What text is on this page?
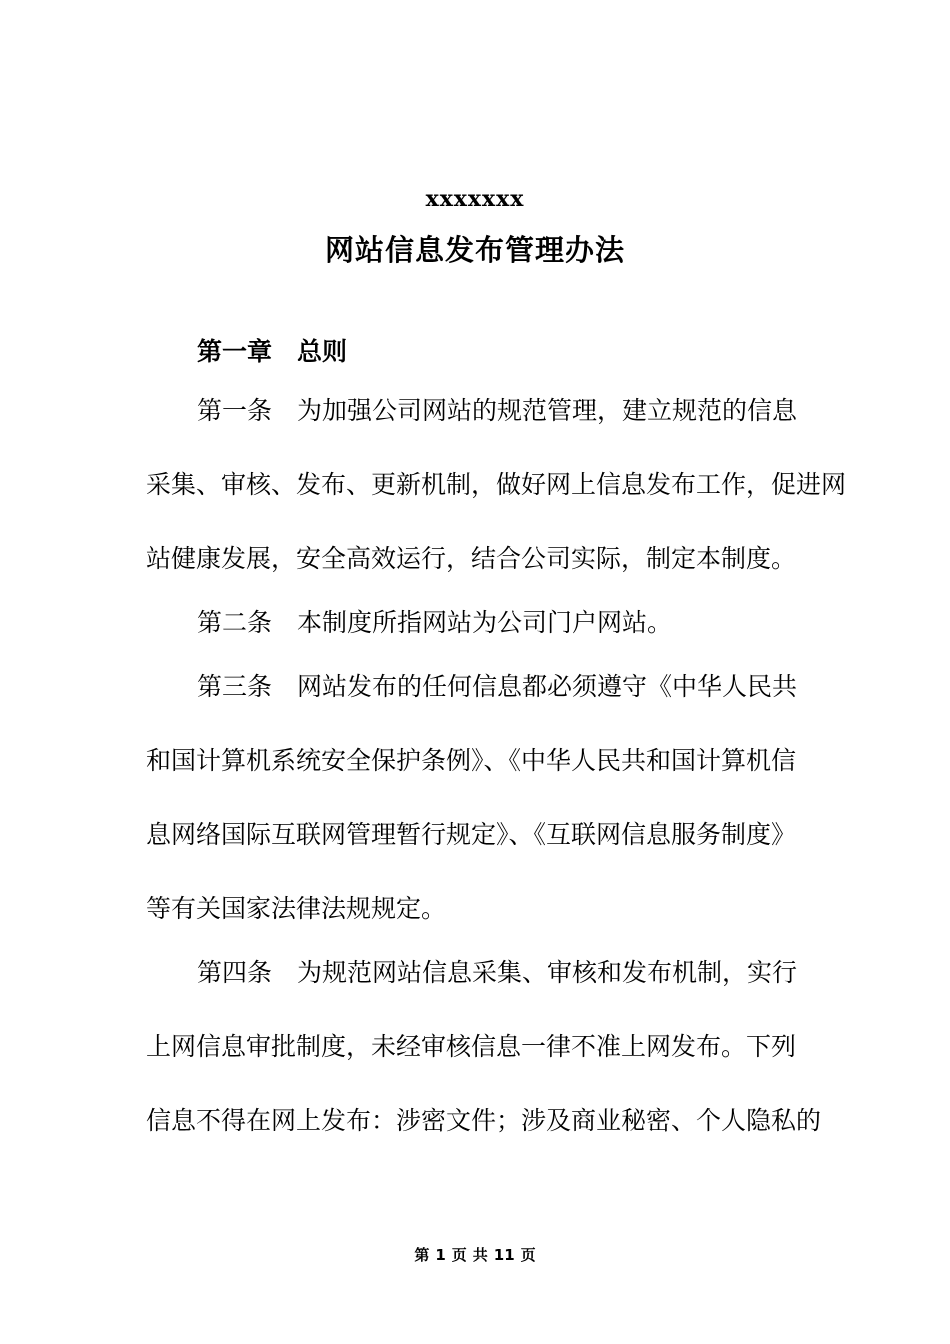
xxxxxxx
网站信息发布管理办法
第一章　总则
第一条　为加强公司网站的规范管理，建立规范的信息
采集、审核、发布、更新机制，做好网上信息发布工作，促进网
站健康发展，安全高效运行，结合公司实际，制定本制度。
第二条　本制度所指网站为公司门户网站。
第三条　网站发布的任何信息都必须遵守《中华人民共
和国计算机系统安全保护条例》、《中华人民共和国计算机信
息网络国际互联网管理暂行规定》、《互联网信息服务制度》
等有关国家法律法规规定。
第四条　为规范网站信息采集、审核和发布机制，实行
上网信息审批制度，未经审核信息一律不准上网发布。下列
信息不得在网上发布：涉密文件；涉及商业秘密、个人隐私的
第 1 页 共 11 页
